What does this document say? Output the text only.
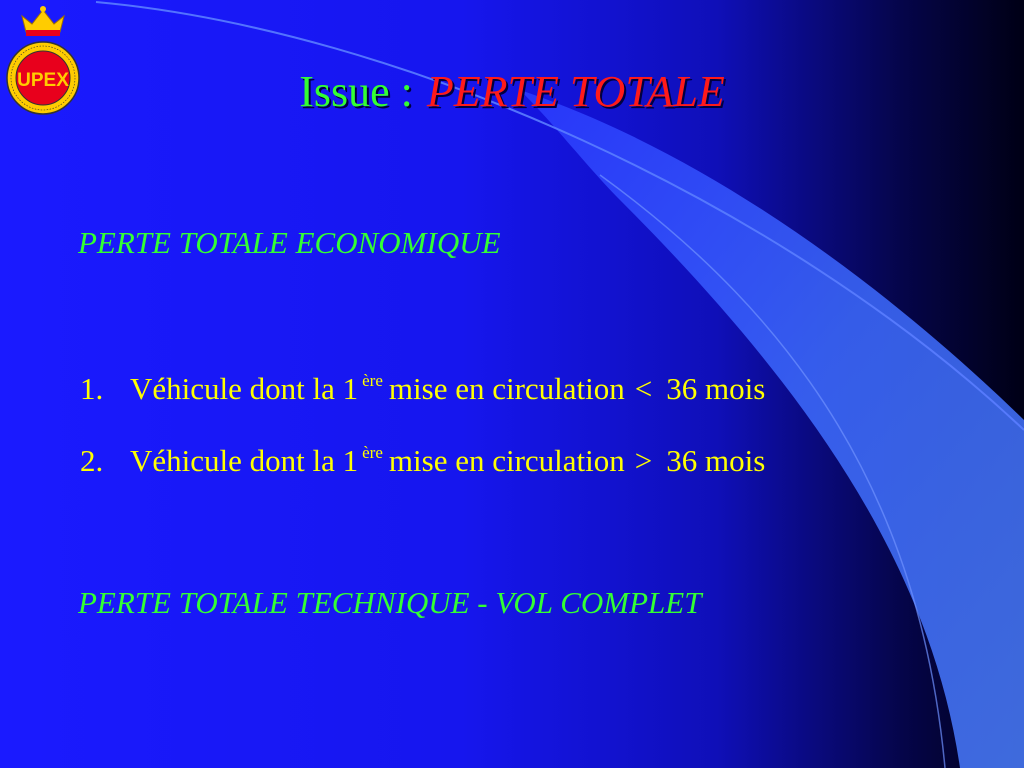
UPEX	Issue : PERTE TOTALE
PERTE TOTALE ECONOMIQUE
1. Véhicule dont la 1 ère mise en circulation < 36 mois
2. Véhicule dont la 1 ère mise en circulation > 36 mois
PERTE TOTALE TECHNIQUE - VOL COMPLET
